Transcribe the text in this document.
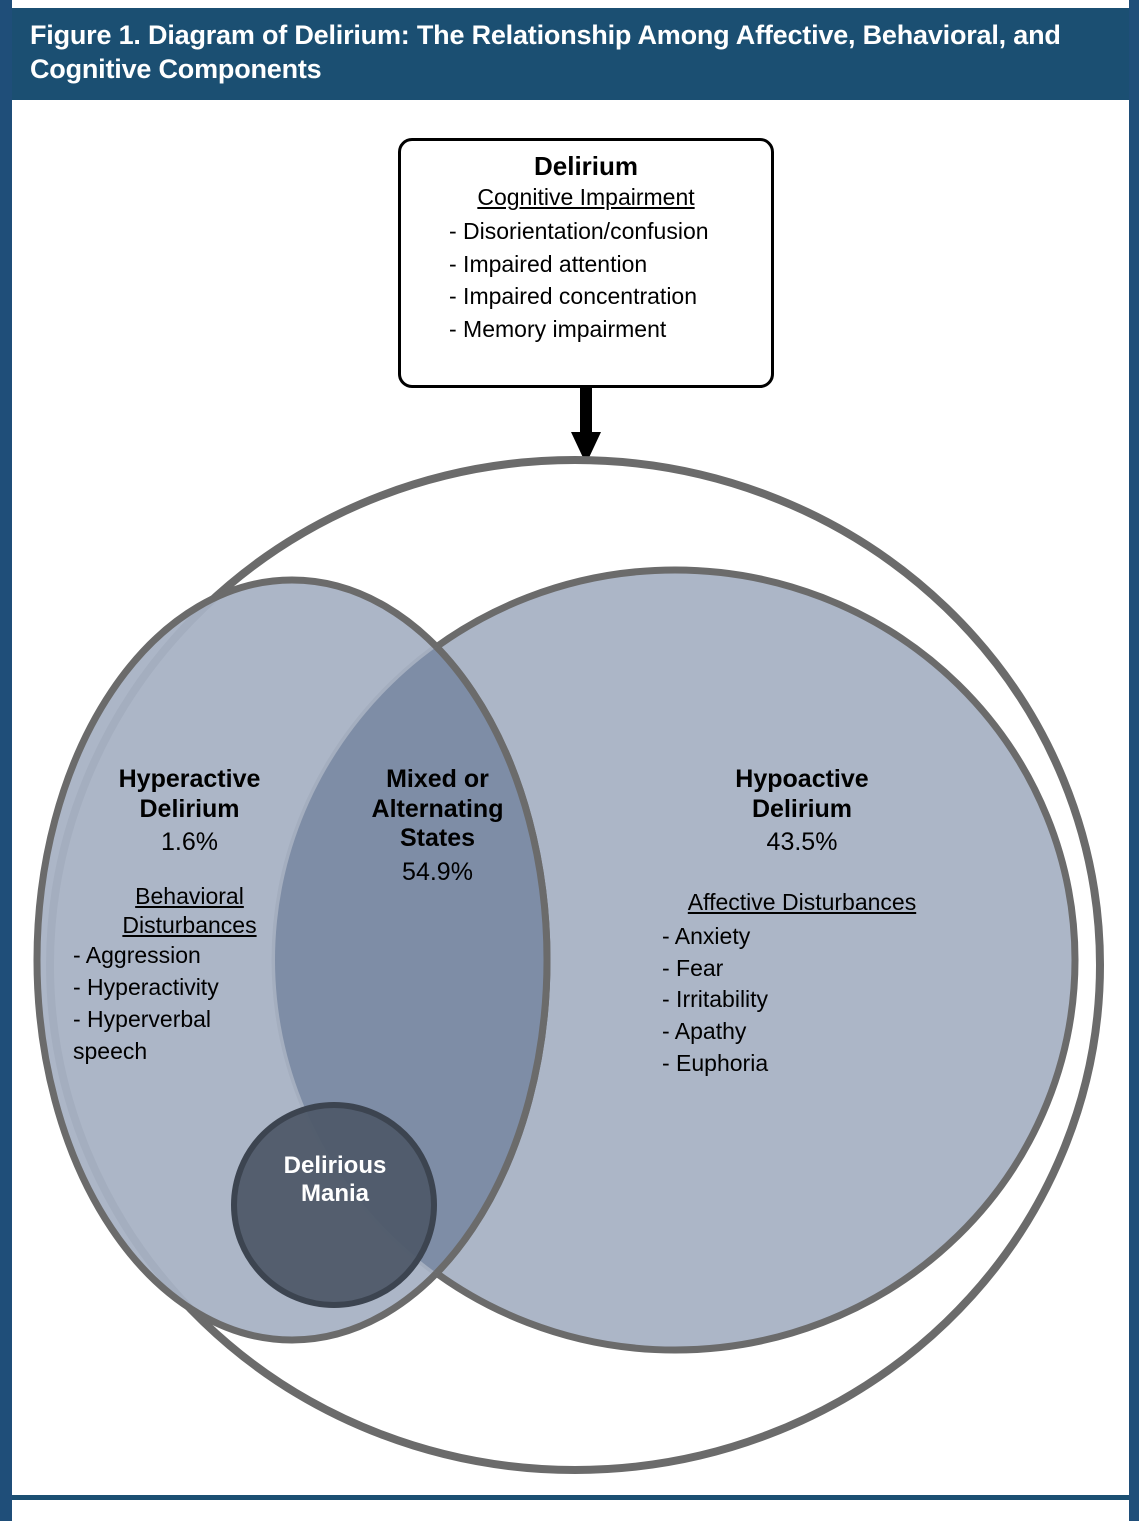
Figure 1. Diagram of Delirium: The Relationship Among Affective, Behavioral, and Cognitive Components
Delirium
Cognitive Impairment
- Disorientation/confusion
- Impaired attention
- Impaired concentration
- Memory impairment
Hyperactive
Delirium
1.6%
Behavioral
Disturbances
- Aggression
- Hyperactivity
- Hyperverbal
speech
Mixed or
Alternating
States
54.9%
Hypoactive
Delirium
43.5%
Affective Disturbances
- Anxiety
- Fear
- Irritability
- Apathy
- Euphoria
Delirious
Mania
